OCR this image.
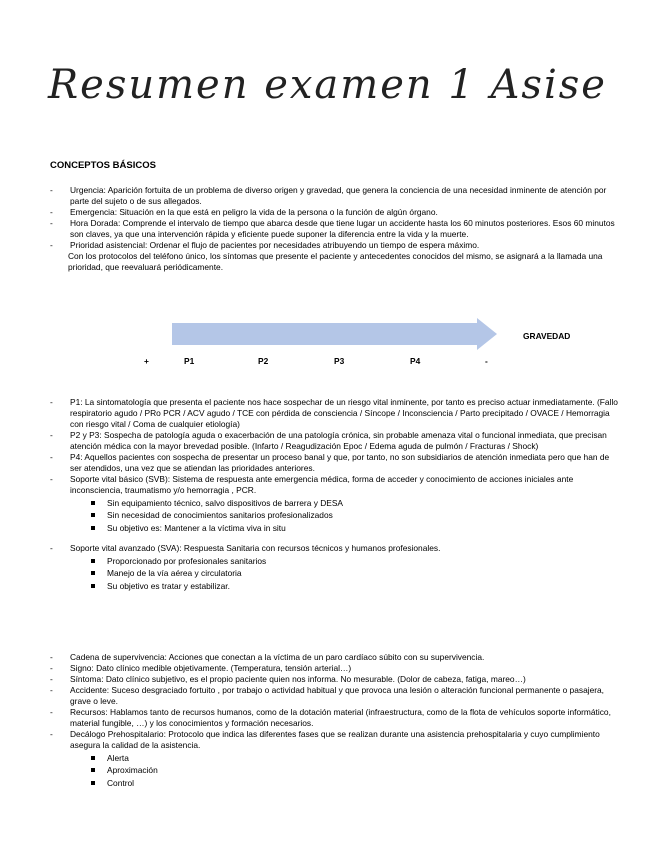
Resumen examen 1 Asise
CONCEPTOS BÁSICOS
- Urgencia: Aparición fortuita de un problema de diverso origen y gravedad, que genera la conciencia de una necesidad inminente de atención por parte del sujeto o de sus allegados.
- Emergencia: Situación en la que está en peligro la vida de la persona o la función de algún órgano.
- Hora Dorada: Comprende el intervalo de tiempo que abarca desde que tiene lugar un accidente hasta los 60 minutos posteriores. Esos 60 minutos son claves, ya que una intervención rápida y eficiente puede suponer la diferencia entre la vida y la muerte.
- Prioridad asistencial: Ordenar el flujo de pacientes por necesidades atribuyendo un tiempo de espera máximo.
Con los protocolos del teléfono único, los síntomas que presente el paciente y antecedentes conocidos del mismo, se asignará a la llamada una prioridad, que reevaluará periódicamente.
GRAVEDAD
+	P1	P2	P3	P4	-
- P1: La sintomatología que presenta el paciente nos hace sospechar de un riesgo vital inminente, por tanto es preciso actuar inmediatamente. (Fallo respiratorio agudo / PRo PCR / ACV agudo / TCE con pérdida de consciencia / Síncope / Inconsciencia / Parto precipitado / OVACE / Hemorragia con riesgo vital / Coma de cualquier etiología)
- P2 y P3: Sospecha de patología aguda o exacerbación de una patología crónica, sin probable amenaza vital o funcional inmediata, que precisan atención médica con la mayor brevedad posible. (Infarto / Reagudización Epoc / Edema aguda de pulmón / Fracturas / Shock)
- P4: Aquellos pacientes con sospecha de presentar un proceso banal y que, por tanto, no son subsidiarios de atención inmediata pero que han de ser atendidos, una vez que se atiendan las prioridades anteriores.
- Soporte vital básico (SVB): Sistema de respuesta ante emergencia médica, forma de acceder y conocimiento de acciones iniciales ante inconsciencia, traumatismo y/o hemorragia , PCR.
Sin equipamiento técnico, salvo dispositivos de barrera y DESA
Sin necesidad de conocimientos sanitarios profesionalizados
Su objetivo es: Mantener a la víctima viva in situ
- Soporte vital avanzado (SVA): Respuesta Sanitaria con recursos técnicos y humanos profesionales.
Proporcionado por profesionales sanitarios
Manejo de la vía aérea y circulatoria
Su objetivo es tratar y estabilizar.
- Cadena de supervivencia: Acciones que conectan a la víctima de un paro cardíaco súbito con su supervivencia.
- Signo: Dato clínico medible objetivamente. (Temperatura, tensión arterial…)
- Síntoma: Dato clínico subjetivo, es el propio paciente quien nos informa. No mesurable. (Dolor de cabeza, fatiga, mareo…)
- Accidente: Suceso desgraciado fortuito , por trabajo o actividad habitual y que provoca una lesión o alteración funcional permanente o pasajera, grave o leve.
- Recursos: Hablamos tanto de recursos humanos, como de la dotación material (infraestructura, como de la flota de vehículos soporte informático, material fungible, …) y los conocimientos y formación necesarios.
- Decálogo Prehospitalario: Protocolo que indica las diferentes fases que se realizan durante una asistencia prehospitalaria y cuyo cumplimiento asegura la calidad de la asistencia.
Alerta
Aproximación
Control
